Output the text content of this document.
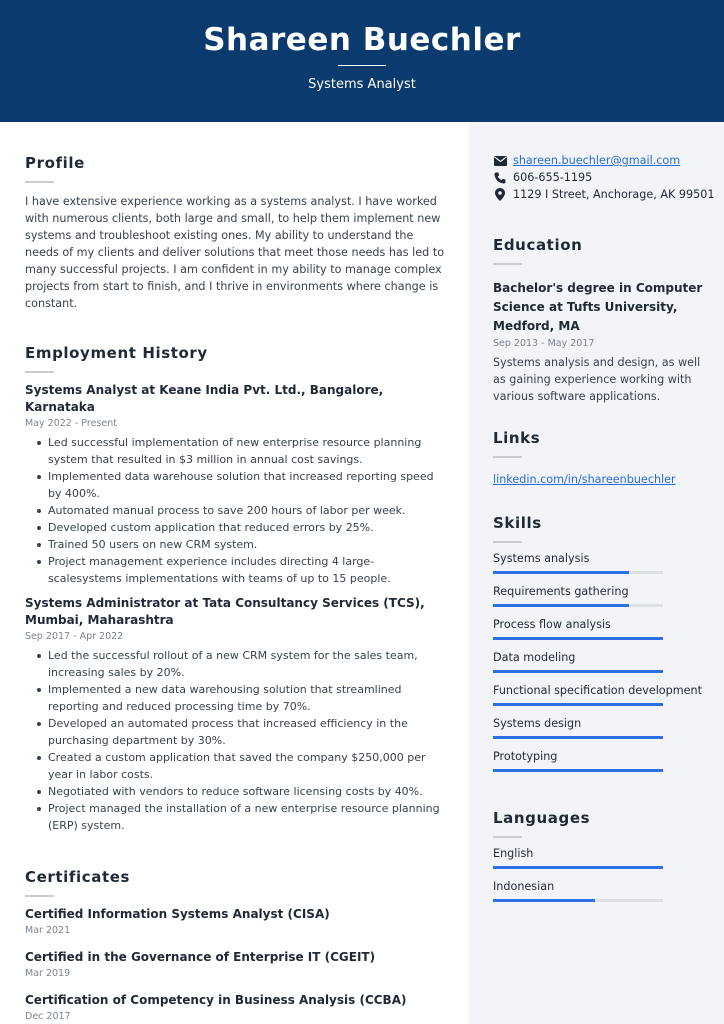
Shareen Buechler
Systems Analyst
shareen.buechler@gmail.com
606-655-1195
1129 I Street, Anchorage, AK 99501
Education
Bachelor's degree in Computer Science at Tufts University, Medford, MA
Sep 2013 - May 2017
Systems analysis and design, as well as gaining experience working with various software applications.
Links
linkedin.com/in/shareenbuechler
Skills
Systems analysis
Requirements gathering
Process flow analysis
Data modeling
Functional specification development
Systems design
Prototyping
Languages
English
Indonesian
Profile
I have extensive experience working as a systems analyst. I have worked with numerous clients, both large and small, to help them implement new systems and troubleshoot existing ones. My ability to understand the needs of my clients and deliver solutions that meet those needs has led to many successful projects. I am confident in my ability to manage complex projects from start to finish, and I thrive in environments where change is constant.
Employment History
Systems Analyst at Keane India Pvt. Ltd., Bangalore, Karnataka
May 2022 - Present
Led successful implementation of new enterprise resource planning system that resulted in $3 million in annual cost savings.
Implemented data warehouse solution that increased reporting speed by 400%.
Automated manual process to save 200 hours of labor per week.
Developed custom application that reduced errors by 25%.
Trained 50 users on new CRM system.
Project management experience includes directing 4 large-scalesystems implementations with teams of up to 15 people.
Systems Administrator at Tata Consultancy Services (TCS), Mumbai, Maharashtra
Sep 2017 - Apr 2022
Led the successful rollout of a new CRM system for the sales team, increasing sales by 20%.
Implemented a new data warehousing solution that streamlined reporting and reduced processing time by 70%.
Developed an automated process that increased efficiency in the purchasing department by 30%.
Created a custom application that saved the company $250,000 per year in labor costs.
Negotiated with vendors to reduce software licensing costs by 40%.
Project managed the installation of a new enterprise resource planning (ERP) system.
Certificates
Certified Information Systems Analyst (CISA)
Mar 2021
Certified in the Governance of Enterprise IT (CGEIT)
Mar 2019
Certification of Competency in Business Analysis (CCBA)
Dec 2017
